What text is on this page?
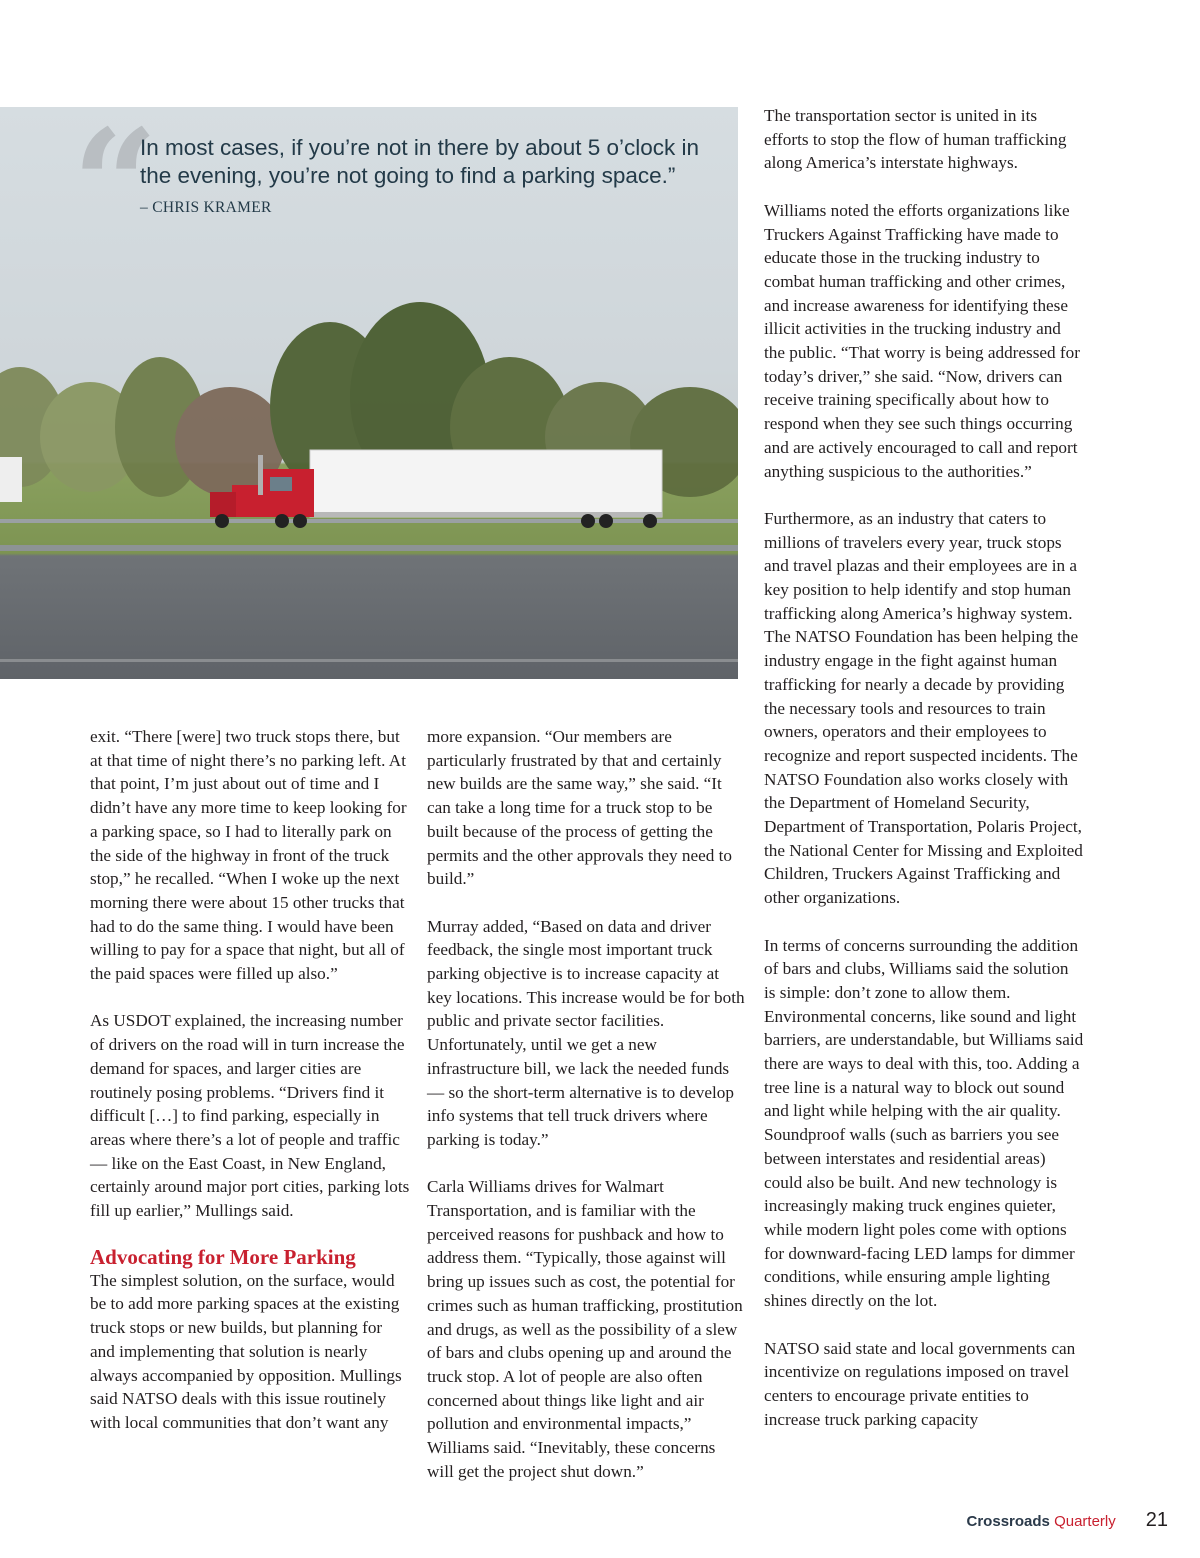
“
In most cases, if you’re not in there by about 5 o’clock in the evening, you’re not going to find a parking space.”
– CHRIS KRAMER

exit. “There [were] two truck stops there, but at that time of night there’s no parking left. At that point, I’m just about out of time and I didn’t have any more time to keep looking for a parking space, so I had to literally park on the side of the highway in front of the truck stop,” he recalled. “When I woke up the next morning there were about 15 other trucks that had to do the same thing. I would have been willing to pay for a space that night, but all of the paid spaces were filled up also.”

As USDOT explained, the increasing number of drivers on the road will in turn increase the demand for spaces, and larger cities are routinely posing problems. “Drivers find it difficult […] to find parking, especially in areas where there’s a lot of people and traffic — like on the East Coast, in New England, certainly around major port cities, parking lots fill up earlier,” Mullings said.

Advocating for More Parking

The simplest solution, on the surface, would be to add more parking spaces at the existing truck stops or new builds, but planning for and implementing that solution is nearly always accompanied by opposition. Mullings said NATSO deals with this issue routinely with local communities that don’t want any

more expansion. “Our members are particularly frustrated by that and certainly new builds are the same way,” she said. “It can take a long time for a truck stop to be built because of the process of getting the permits and the other approvals they need to build.”

Murray added, “Based on data and driver feedback, the single most important truck parking objective is to increase capacity at key locations. This increase would be for both public and private sector facilities. Unfortunately, until we get a new infrastructure bill, we lack the needed funds — so the short-term alternative is to develop info systems that tell truck drivers where parking is today.”

Carla Williams drives for Walmart Transportation, and is familiar with the perceived reasons for pushback and how to address them. “Typically, those against will bring up issues such as cost, the potential for crimes such as human trafficking, prostitution and drugs, as well as the possibility of a slew of bars and clubs opening up and around the truck stop. A lot of people are also often concerned about things like light and air pollution and environmental impacts,” Williams said. “Inevitably, these concerns will get the project shut down.”

The transportation sector is united in its efforts to stop the flow of human trafficking along America’s interstate highways.

Williams noted the efforts organizations like Truckers Against Trafficking have made to educate those in the trucking industry to combat human trafficking and other crimes, and increase awareness for identifying these illicit activities in the trucking industry and the public. “That worry is being addressed for today’s driver,” she said. “Now, drivers can receive training specifically about how to respond when they see such things occurring and are actively encouraged to call and report anything suspicious to the authorities.”

Furthermore, as an industry that caters to millions of travelers every year, truck stops and travel plazas and their employees are in a key position to help identify and stop human trafficking along America’s highway system. The NATSO Foundation has been helping the industry engage in the fight against human trafficking for nearly a decade by providing the necessary tools and resources to train owners, operators and their employees to recognize and report suspected incidents. The NATSO Foundation also works closely with the Department of Homeland Security, Department of Transportation, Polaris Project, the National Center for Missing and Exploited Children, Truckers Against Trafficking and other organizations.

In terms of concerns surrounding the addition of bars and clubs, Williams said the solution is simple: don’t zone to allow them. Environmental concerns, like sound and light barriers, are understandable, but Williams said there are ways to deal with this, too. Adding a tree line is a natural way to block out sound and light while helping with the air quality. Soundproof walls (such as barriers you see between interstates and residential areas) could also be built. And new technology is increasingly making truck engines quieter, while modern light poles come with options for downward-facing LED lamps for dimmer conditions, while ensuring ample lighting shines directly on the lot.

NATSO said state and local governments can incentivize on regulations imposed on travel centers to encourage private entities to increase truck parking capacity

Crossroads Quarterly 21
